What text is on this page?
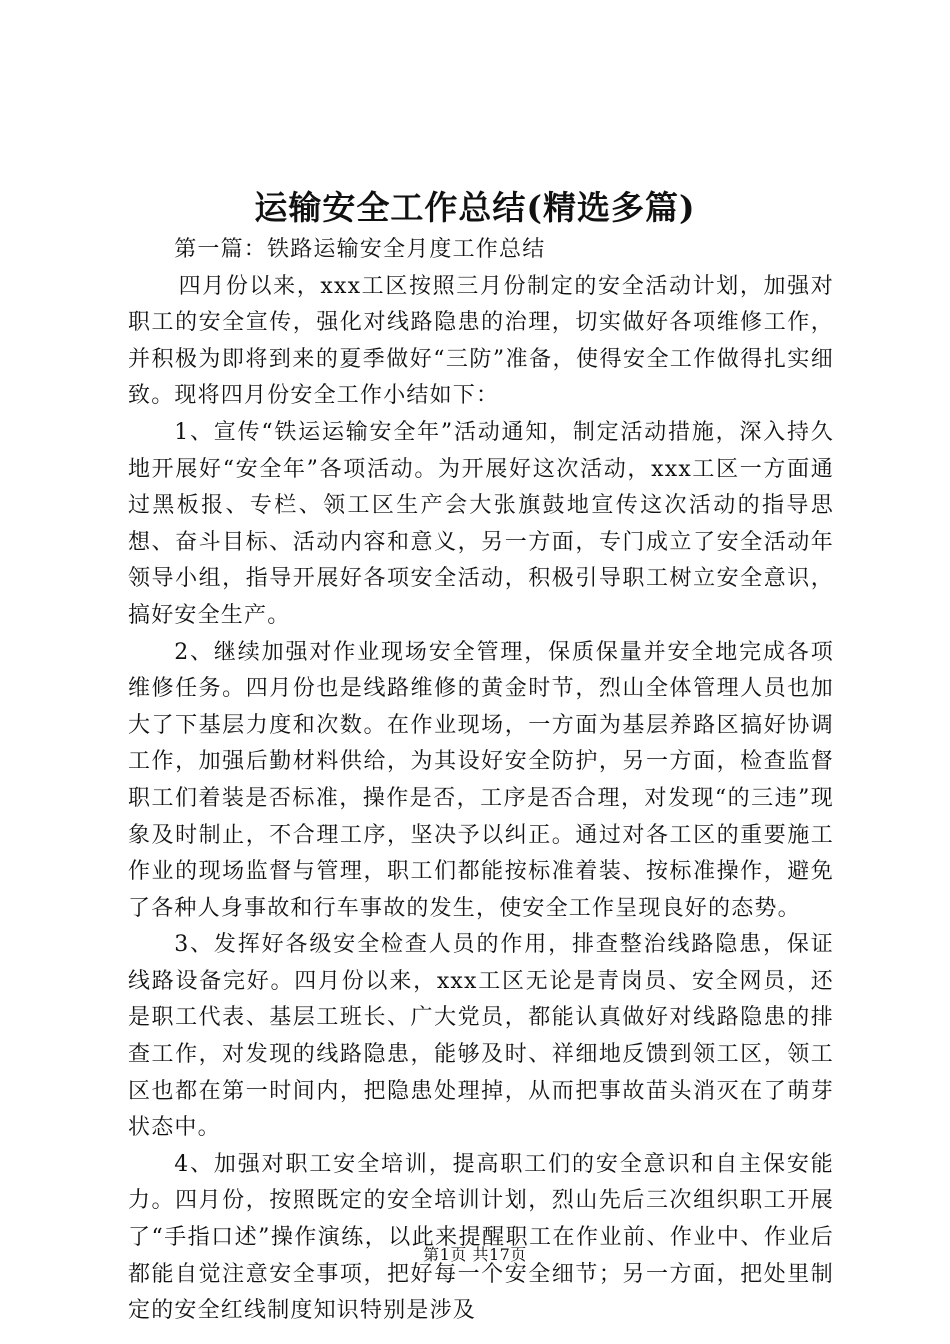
运输安全工作总结(精选多篇)

第一篇：铁路运输安全月度工作总结

四月份以来，xxx工区按照三月份制定的安全活动计划，加强对职工的安全宣传，强化对线路隐患的治理，切实做好各项维修工作，并积极为即将到来的夏季做好“三防”准备，使得安全工作做得扎实细致。现将四月份安全工作小结如下：

1、宣传“铁运运输安全年”活动通知，制定活动措施，深入持久地开展好“安全年”各项活动。为开展好这次活动，xxx工区一方面通过黑板报、专栏、领工区生产会大张旗鼓地宣传这次活动的指导思想、奋斗目标、活动内容和意义，另一方面，专门成立了安全活动年领导小组，指导开展好各项安全活动，积极引导职工树立安全意识，搞好安全生产。

2、继续加强对作业现场安全管理，保质保量并安全地完成各项维修任务。四月份也是线路维修的黄金时节，烈山全体管理人员也加大了下基层力度和次数。在作业现场，一方面为基层养路区搞好协调工作，加强后勤材料供给，为其设好安全防护，另一方面，检查监督职工们着装是否标准，操作是否，工序是否合理，对发现“的三违”现象及时制止，不合理工序，坚决予以纠正。通过对各工区的重要施工作业的现场监督与管理，职工们都能按标准着装、按标准操作，避免了各种人身事故和行车事故的发生，使安全工作呈现良好的态势。

3、发挥好各级安全检查人员的作用，排查整治线路隐患，保证线路设备完好。四月份以来，xxx工区无论是青岗员、安全网员，还是职工代表、基层工班长、广大党员，都能认真做好对线路隐患的排查工作，对发现的线路隐患，能够及时、祥细地反馈到领工区，领工区也都在第一时间内，把隐患处理掉，从而把事故苗头消灭在了萌芽状态中。

4、加强对职工安全培训，提高职工们的安全意识和自主保安能力。四月份，按照既定的安全培训计划，烈山先后三次组织职工开展了“手指口述”操作演练，以此来提醒职工在作业前、作业中、作业后都能自觉注意安全事项，把好每一个安全细节；另一方面，把处里制定的安全红线制度知识特别是涉及

第1页 共17页
